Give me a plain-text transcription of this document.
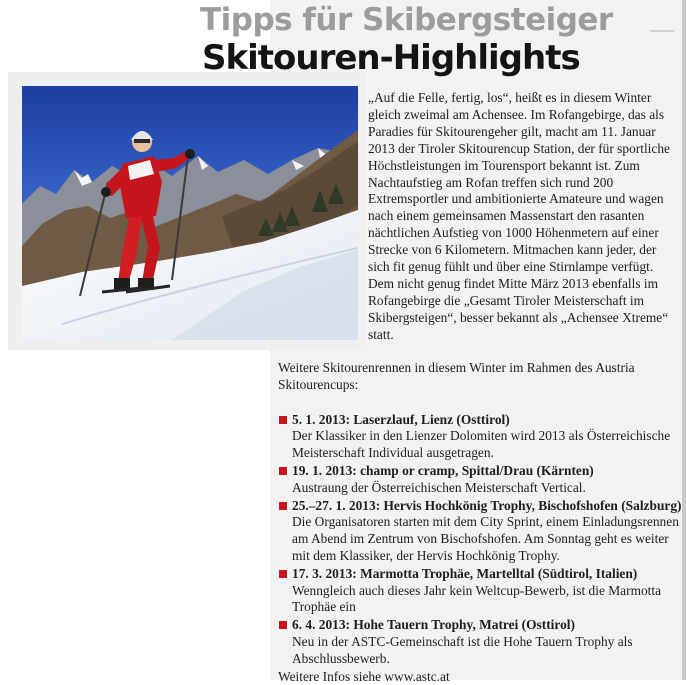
Tipps für Skibergsteiger
Skitouren-Highlights

„Auf die Felle, fertig, los“, heißt es in diesem Winter gleich zweimal am Achensee. Im Rofangebirge, das als Paradies für Skitourengeher gilt, macht am 11. Januar 2013 der Tiroler Skitourencup Station, der für sportliche Höchstleistungen im Tourensport bekannt ist. Zum Nachtaufstieg am Rofan treffen sich rund 200 Extremsportler und ambitionierte Amateure und wagen nach einem gemeinsamen Massenstart den rasanten nächtlichen Aufstieg von 1000 Höhenmetern auf einer Strecke von 6 Kilometern. Mitmachen kann jeder, der sich fit genug fühlt und über eine Stirnlampe verfügt.

Dem nicht genug findet Mitte März 2013 ebenfalls im Rofangebirge die „Gesamt Tiroler Meisterschaft im Skibergsteigen“, besser bekannt als „Achensee Xtreme“ statt.

Weitere Skitourenrennen in diesem Winter im Rahmen des Austria Skitourencups:

5. 1. 2013: Laserzlauf, Lienz (Osttirol)

Der Klassiker in den Lienzer Dolomiten wird 2013 als Österreichische Meisterschaft Individual ausgetragen.

19. 1. 2013: champ or cramp, Spittal/Drau (Kärnten)

Austraung der Österreichischen Meisterschaft Vertical.

25.–27. 1. 2013: Hervis Hochkönig Trophy, Bischofshofen (Salzburg)

Die Organisatoren starten mit dem City Sprint, einem Einladungsrennen am Abend im Zentrum von Bischofshofen. Am Sonntag geht es weiter mit dem Klassiker, der Hervis Hochkönig Trophy.

17. 3. 2013: Marmotta Trophäe, Martelltal (Südtirol, Italien)

Wenngleich auch dieses Jahr kein Weltcup-Bewerb, ist die Marmotta Trophäe ein

6. 4. 2013: Hohe Tauern Trophy, Matrei (Osttirol)

Neu in der ASTC-Gemeinschaft ist die Hohe Tauern Trophy als Abschlussbewerb.

Weitere Infos siehe www.astc.at
